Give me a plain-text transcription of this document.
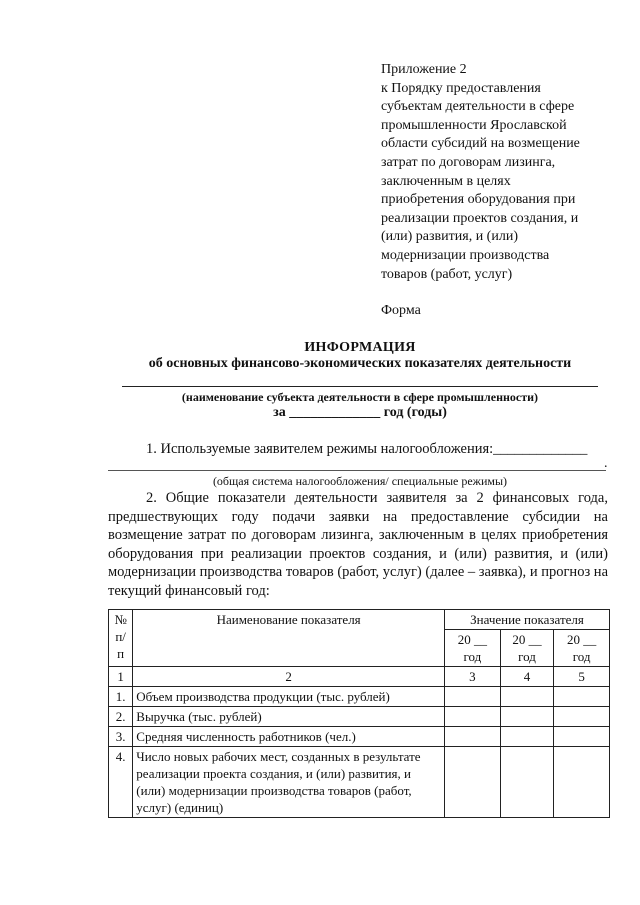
Приложение 2
к Порядку предоставления
субъектам деятельности в сфере
промышленности Ярославской
области субсидий на возмещение
затрат по договорам лизинга,
заключенным в целях
приобретения оборудования при
реализации проектов создания, и
(или) развития, и (или)
модернизации производства
товаров (работ, услуг)
Форма
ИНФОРМАЦИЯ
об основных финансово-экономических показателях деятельности
(наименование субъекта деятельности в сфере промышленности)
за _____________ год (годы)
1. Используемые заявителем режимы налогообложения:_____________
.
(общая система налогообложения/ специальные режимы)
2. Общие показатели деятельности заявителя за 2 финансовых года, предшествующих году подачи заявки на предоставление субсидии на возмещение затрат по договорам лизинга, заключенным в целях приобретения оборудования при реализации проектов создания, и (или) развития, и (или) модернизации производства товаров (работ, услуг) (далее – заявка), и прогноз на текущий финансовый год:
№ п/ п	Наименование показателя	Значение показателя		
		20 __ год	20 __ год	20 __ год
1	2	3	4	5
1.	Объем производства продукции (тыс. рублей)			
2.	Выручка (тыс. рублей)			
3.	Средняя численность работников (чел.)			
4.	Число новых рабочих мест, созданных в результате реализации проекта создания, и (или) развития, и (или) модернизации производства товаров (работ, услуг) (единиц)			
